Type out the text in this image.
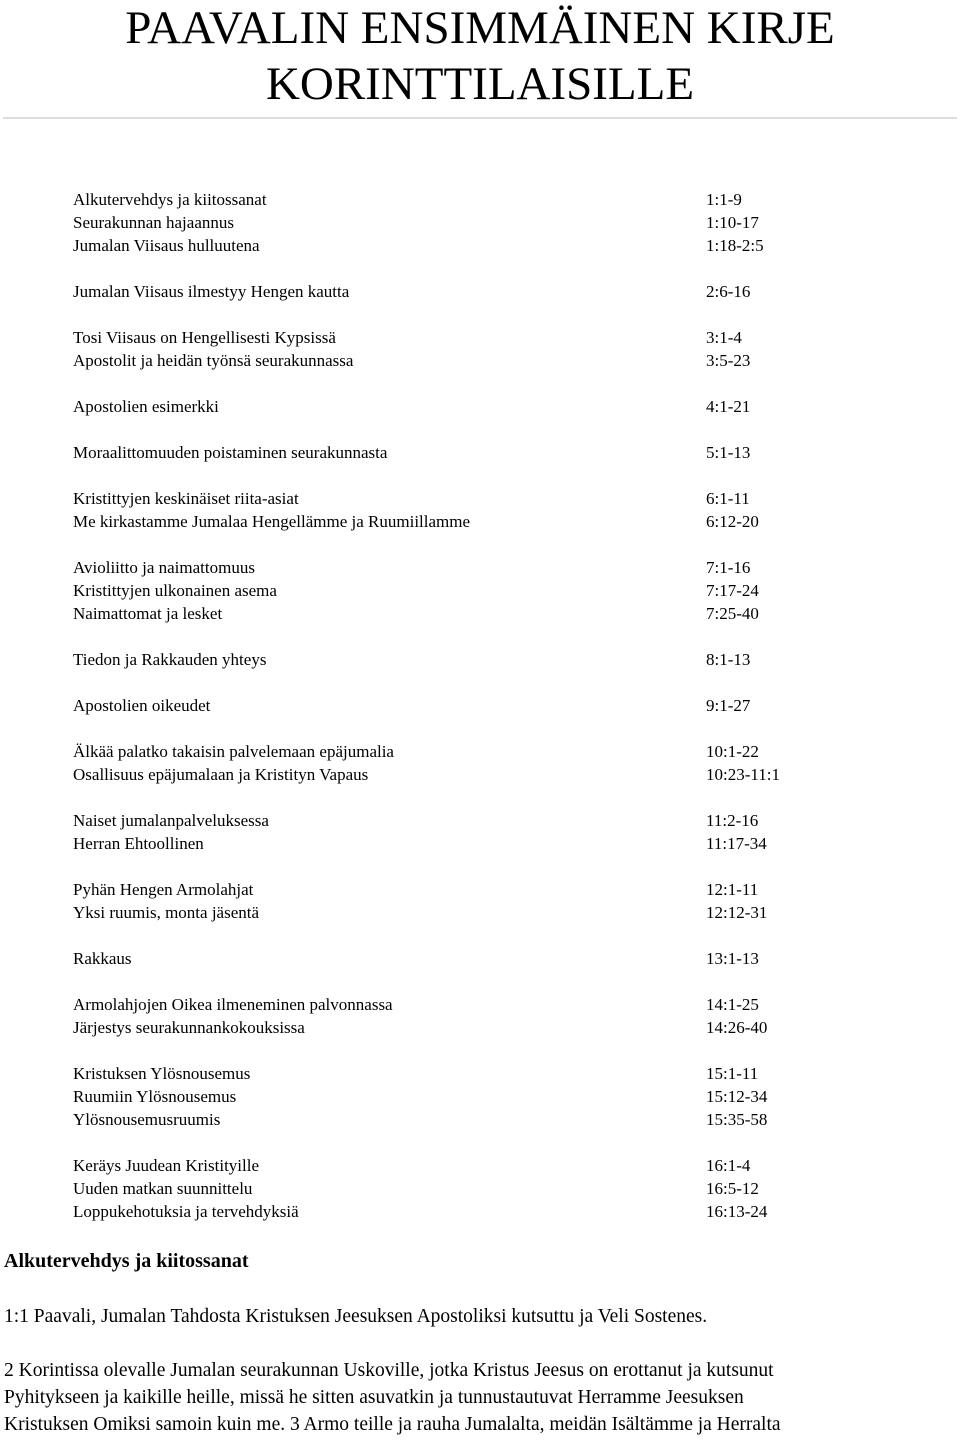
PAAVALIN ENSIMMÄINEN KIRJE
KORINTTILAISILLE
Alkutervehdys ja kiitossanat	1:1-9
Seurakunnan hajaannus	1:10-17
Jumalan Viisaus hulluutena	1:18-2:5
Jumalan Viisaus ilmestyy Hengen kautta	2:6-16
Tosi Viisaus on Hengellisesti Kypsissä	3:1-4
Apostolit ja heidän työnsä seurakunnassa	3:5-23
Apostolien esimerkki	4:1-21
Moraalittomuuden poistaminen seurakunnasta	5:1-13
Kristittyjen keskinäiset riita-asiat	6:1-11
Me kirkastamme Jumalaa Hengellämme ja Ruumiillamme	6:12-20
Avioliitto ja naimattomuus	7:1-16
Kristittyjen ulkonainen asema	7:17-24
Naimattomat ja lesket	7:25-40
Tiedon ja Rakkauden yhteys	8:1-13
Apostolien oikeudet	9:1-27
Älkää palatko takaisin palvelemaan epäjumalia	10:1-22
Osallisuus epäjumalaan ja Kristityn Vapaus	10:23-11:1
Naiset jumalanpalveluksessa	11:2-16
Herran Ehtoollinen	11:17-34
Pyhän Hengen Armolahjat	12:1-11
Yksi ruumis, monta jäsentä	12:12-31
Rakkaus	13:1-13
Armolahjojen Oikea ilmeneminen palvonnassa	14:1-25
Järjestys seurakunnankokouksissa	14:26-40
Kristuksen Ylösnousemus	15:1-11
Ruumiin Ylösnousemus	15:12-34
Ylösnousemusruumis	15:35-58
Keräys Juudean Kristityille	16:1-4
Uuden matkan suunnittelu	16:5-12
Loppukehotuksia ja tervehdyksiä	16:13-24
Alkutervehdys ja kiitossanat

1:1 Paavali, Jumalan Tahdosta Kristuksen Jeesuksen Apostoliksi kutsuttu ja Veli Sostenes.

2 Korintissa olevalle Jumalan seurakunnan Uskoville, jotka Kristus Jeesus on erottanut ja kutsunut
Pyhitykseen ja kaikille heille, missä he sitten asuvatkin ja tunnustautuvat Herramme Jeesuksen
Kristuksen Omiksi samoin kuin me. 3 Armo teille ja rauha Jumalalta, meidän Isältämme ja Herralta
